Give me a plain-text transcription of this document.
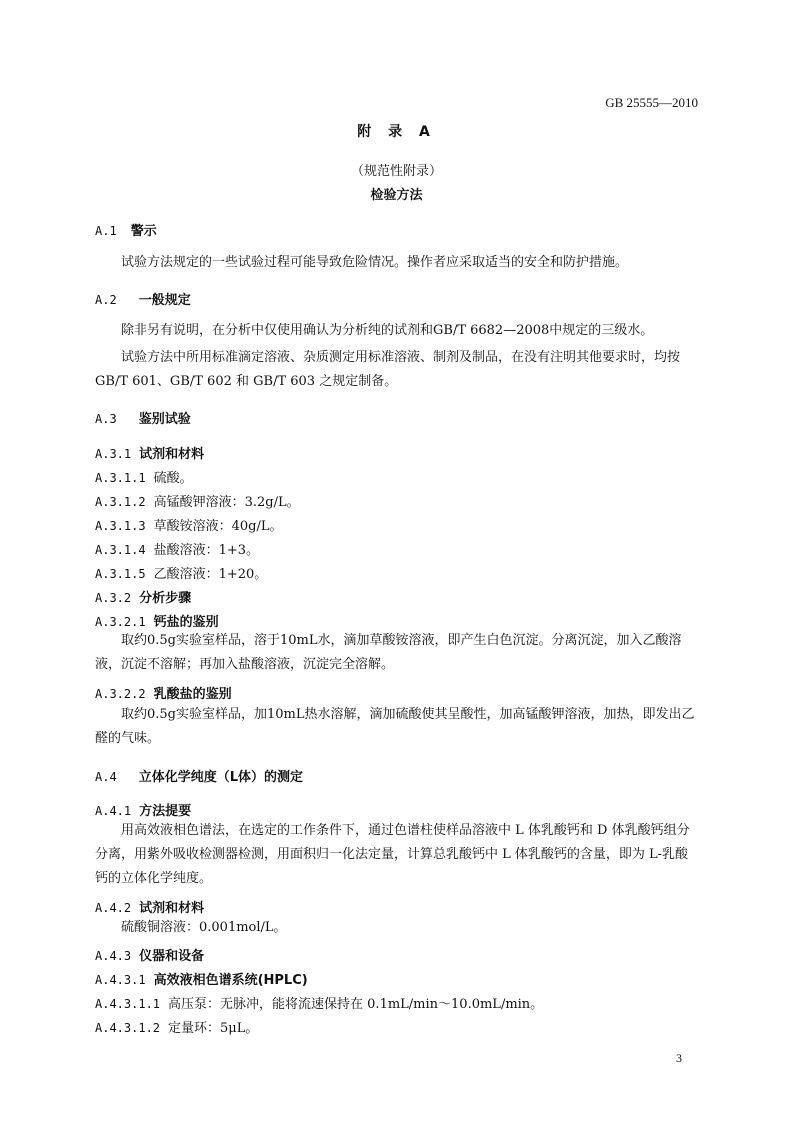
GB 25555—2010
附 录 A
（规范性附录）
检验方法
A.1 警示
试验方法规定的一些试验过程可能导致危险情况。操作者应采取适当的安全和防护措施。
A.2 一般规定
除非另有说明，在分析中仅使用确认为分析纯的试剂和GB/T 6682—2008中规定的三级水。
试验方法中所用标准滴定溶液、杂质测定用标准溶液、制剂及制品，在没有注明其他要求时，均按 GB/T 601、GB/T 602 和 GB/T 603 之规定制备。
A.3 鉴别试验
A.3.1 试剂和材料
A.3.1.1 硫酸。
A.3.1.2 高锰酸钾溶液：3.2g/L。
A.3.1.3 草酸铵溶液：40g/L。
A.3.1.4 盐酸溶液：1+3。
A.3.1.5 乙酸溶液：1+20。
A.3.2 分析步骤
A.3.2.1 钙盐的鉴别
取约0.5g实验室样品，溶于10mL水，滴加草酸铵溶液，即产生白色沉淀。分离沉淀，加入乙酸溶液，沉淀不溶解；再加入盐酸溶液，沉淀完全溶解。
A.3.2.2 乳酸盐的鉴别
取约0.5g实验室样品，加10mL热水溶解，滴加硫酸使其呈酸性，加高锰酸钾溶液，加热，即发出乙醛的气味。
A.4 立体化学纯度（L体）的测定
A.4.1 方法提要
用高效液相色谱法，在选定的工作条件下，通过色谱柱使样品溶液中 L 体乳酸钙和 D 体乳酸钙组分分离，用紫外吸收检测器检测，用面积归一化法定量，计算总乳酸钙中 L 体乳酸钙的含量，即为 L-乳酸钙的立体化学纯度。
A.4.2 试剂和材料
硫酸铜溶液：0.001mol/L。
A.4.3 仪器和设备
A.4.3.1 高效液相色谱系统(HPLC)
A.4.3.1.1 高压泵：无脉冲，能将流速保持在 0.1mL/min～10.0mL/min。
A.4.3.1.2 定量环：5μL。
3
